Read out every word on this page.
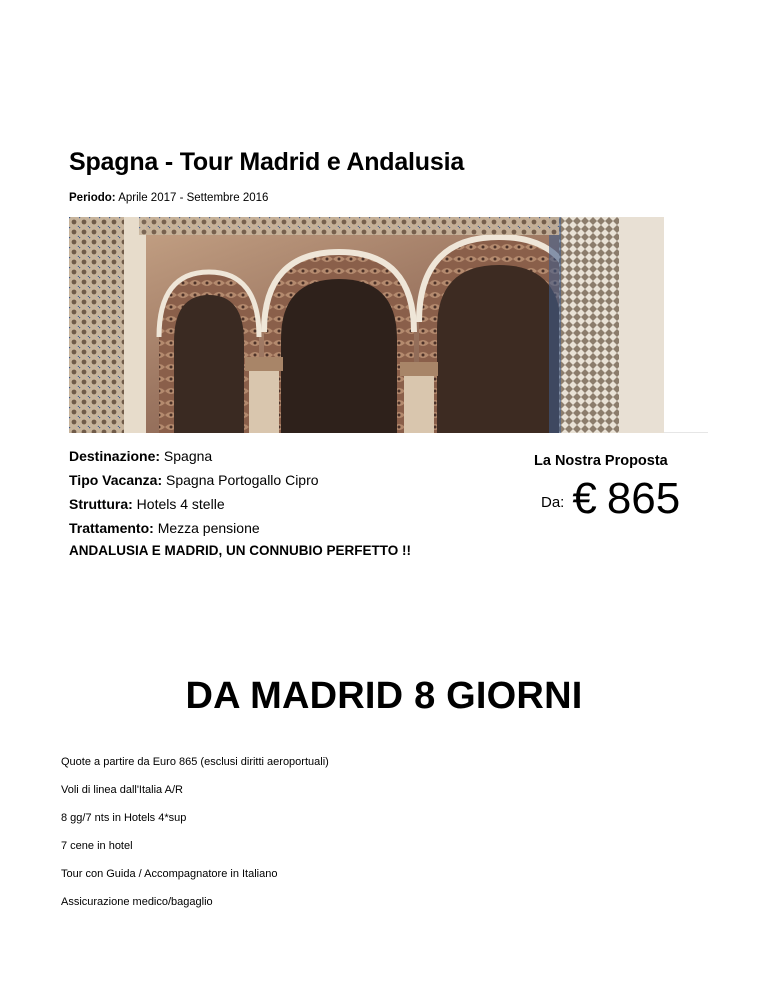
Spagna - Tour Madrid e Andalusia
Periodo: Aprile 2017 - Settembre 2016
Destinazione: Spagna
Tipo Vacanza: Spagna Portogallo Cipro
Struttura: Hotels 4 stelle
Trattamento: Mezza pensione
La Nostra Proposta
Da: € 865
ANDALUSIA E MADRID, UN CONNUBIO PERFETTO !!
DA MADRID 8 GIORNI
Quote a partire da Euro 865 (esclusi diritti aeroportuali)
Voli di linea dall'Italia A/R
8 gg/7 nts in Hotels 4*sup
7 cene in hotel
Tour con Guida / Accompagnatore in Italiano
Assicurazione medico/bagaglio
